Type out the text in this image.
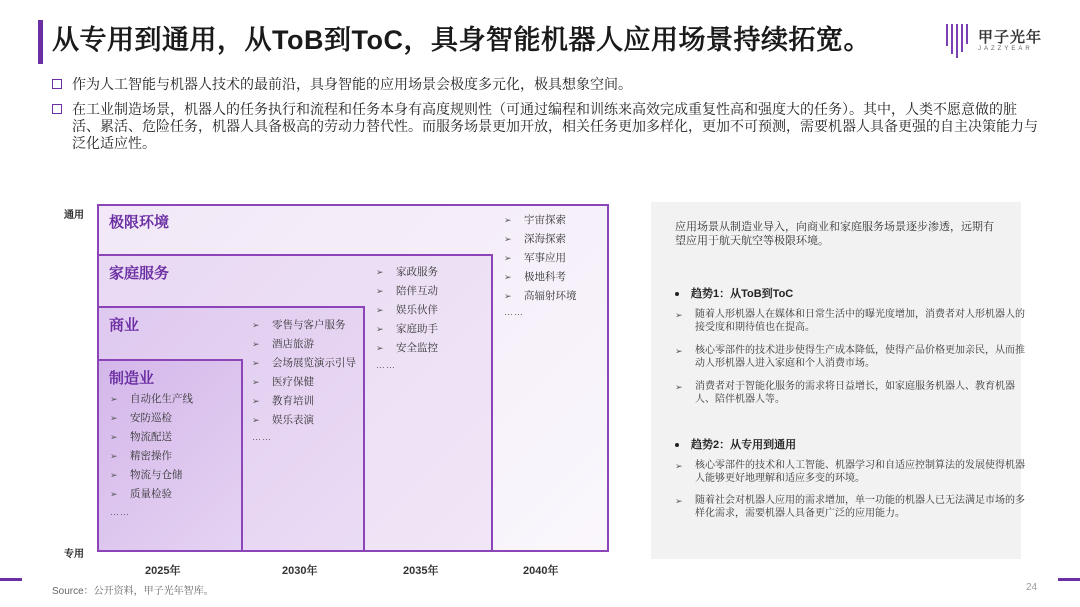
从专用到通用，从ToB到ToC，具身智能机器人应用场景持续拓宽。	甲子光年
JAZZYEAR
作为人工智能与机器人技术的最前沿，具身智能的应用场景会极度多元化，极具想象空间。
在工业制造场景，机器人的任务执行和流程和任务本身有高度规则性（可通过编程和训练来高效完成重复性高和强度大的任务）。其中，人类不愿意做的脏活、累活、危险任务，机器人具备极高的劳动力替代性。而服务场景更加开放，相关任务更加多样化，更加不可预测，需要机器人具备更强的自主决策能力与泛化适应性。
通用
专用
极限环境
家庭服务
商业
制造业
➢ 宇宙探索
➢ 深海探索
➢ 军事应用
➢ 极地科考
➢ 高辐射环境
……
➢ 家政服务
➢ 陪伴互动
➢ 娱乐伙伴
➢ 家庭助手
➢ 安全监控
……
➢ 零售与客户服务
➢ 酒店旅游
➢ 会场展览演示引导
➢ 医疗保健
➢ 教育培训
➢ 娱乐表演
……
➢ 自动化生产线
➢ 安防巡检
➢ 物流配送
➢ 精密操作
➢ 物流与仓储
➢ 质量检验
……
2025年	2030年	2035年	2040年
应用场景从制造业导入，向商业和家庭服务场景逐步渗透，远期有望应用于航天航空等极限环境。
趋势1：从ToB到ToC
➢ 随着人形机器人在媒体和日常生活中的曝光度增加，消费者对人形机器人的接受度和期待值也在提高。
➢ 核心零部件的技术进步使得生产成本降低，使得产品价格更加亲民，从而推动人形机器人进入家庭和个人消费市场。
➢ 消费者对于智能化服务的需求将日益增长，如家庭服务机器人、教育机器人、陪伴机器人等。
趋势2：从专用到通用
➢ 核心零部件的技术和人工智能、机器学习和自适应控制算法的发展使得机器人能够更好地理解和适应多变的环境。
➢ 随着社会对机器人应用的需求增加，单一功能的机器人已无法满足市场的多样化需求，需要机器人具备更广泛的应用能力。
Source：公开资料，甲子光年智库。	24
